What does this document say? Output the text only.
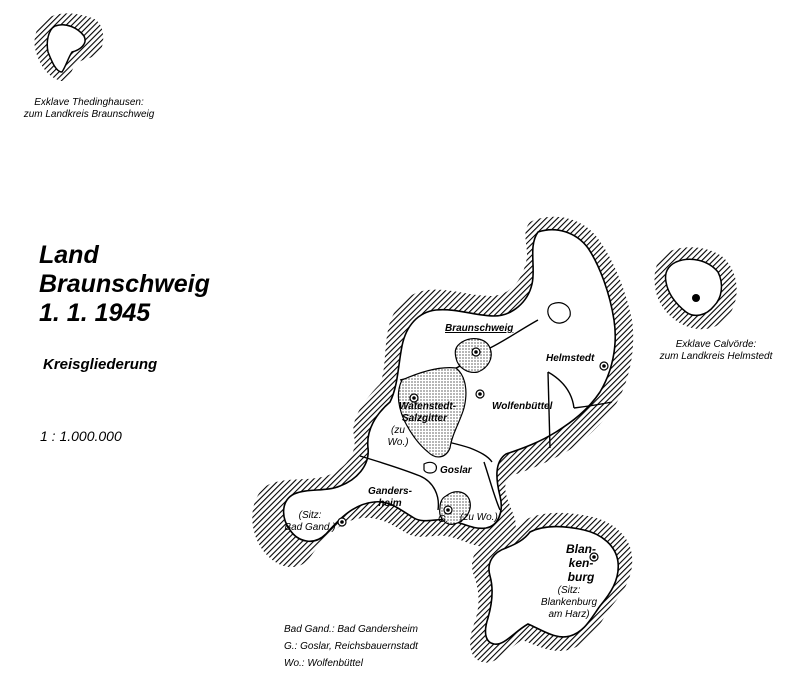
Exklave Thedinghausen:
zum Landkreis Braunschweig
Exklave Calvörde:
zum Landkreis Helmstedt
Land
Braunschweig
1. 1. 1945
Kreisgliederung
1 : 1.000.000
Braunschweig
Helmstedt
Watenstedt-
Salzgitter
Wolfenbüttel
Goslar
Ganders-
heim
(zu
Wo.)
(zu Wo.)
G.
(Sitz:
Bad Gand.)
Blan-
ken-
burg
(Sitz:
Blankenburg
am Harz)
Bad Gand.: Bad Gandersheim
G.: Goslar, Reichsbauernstadt
Wo.: Wolfenbüttel
